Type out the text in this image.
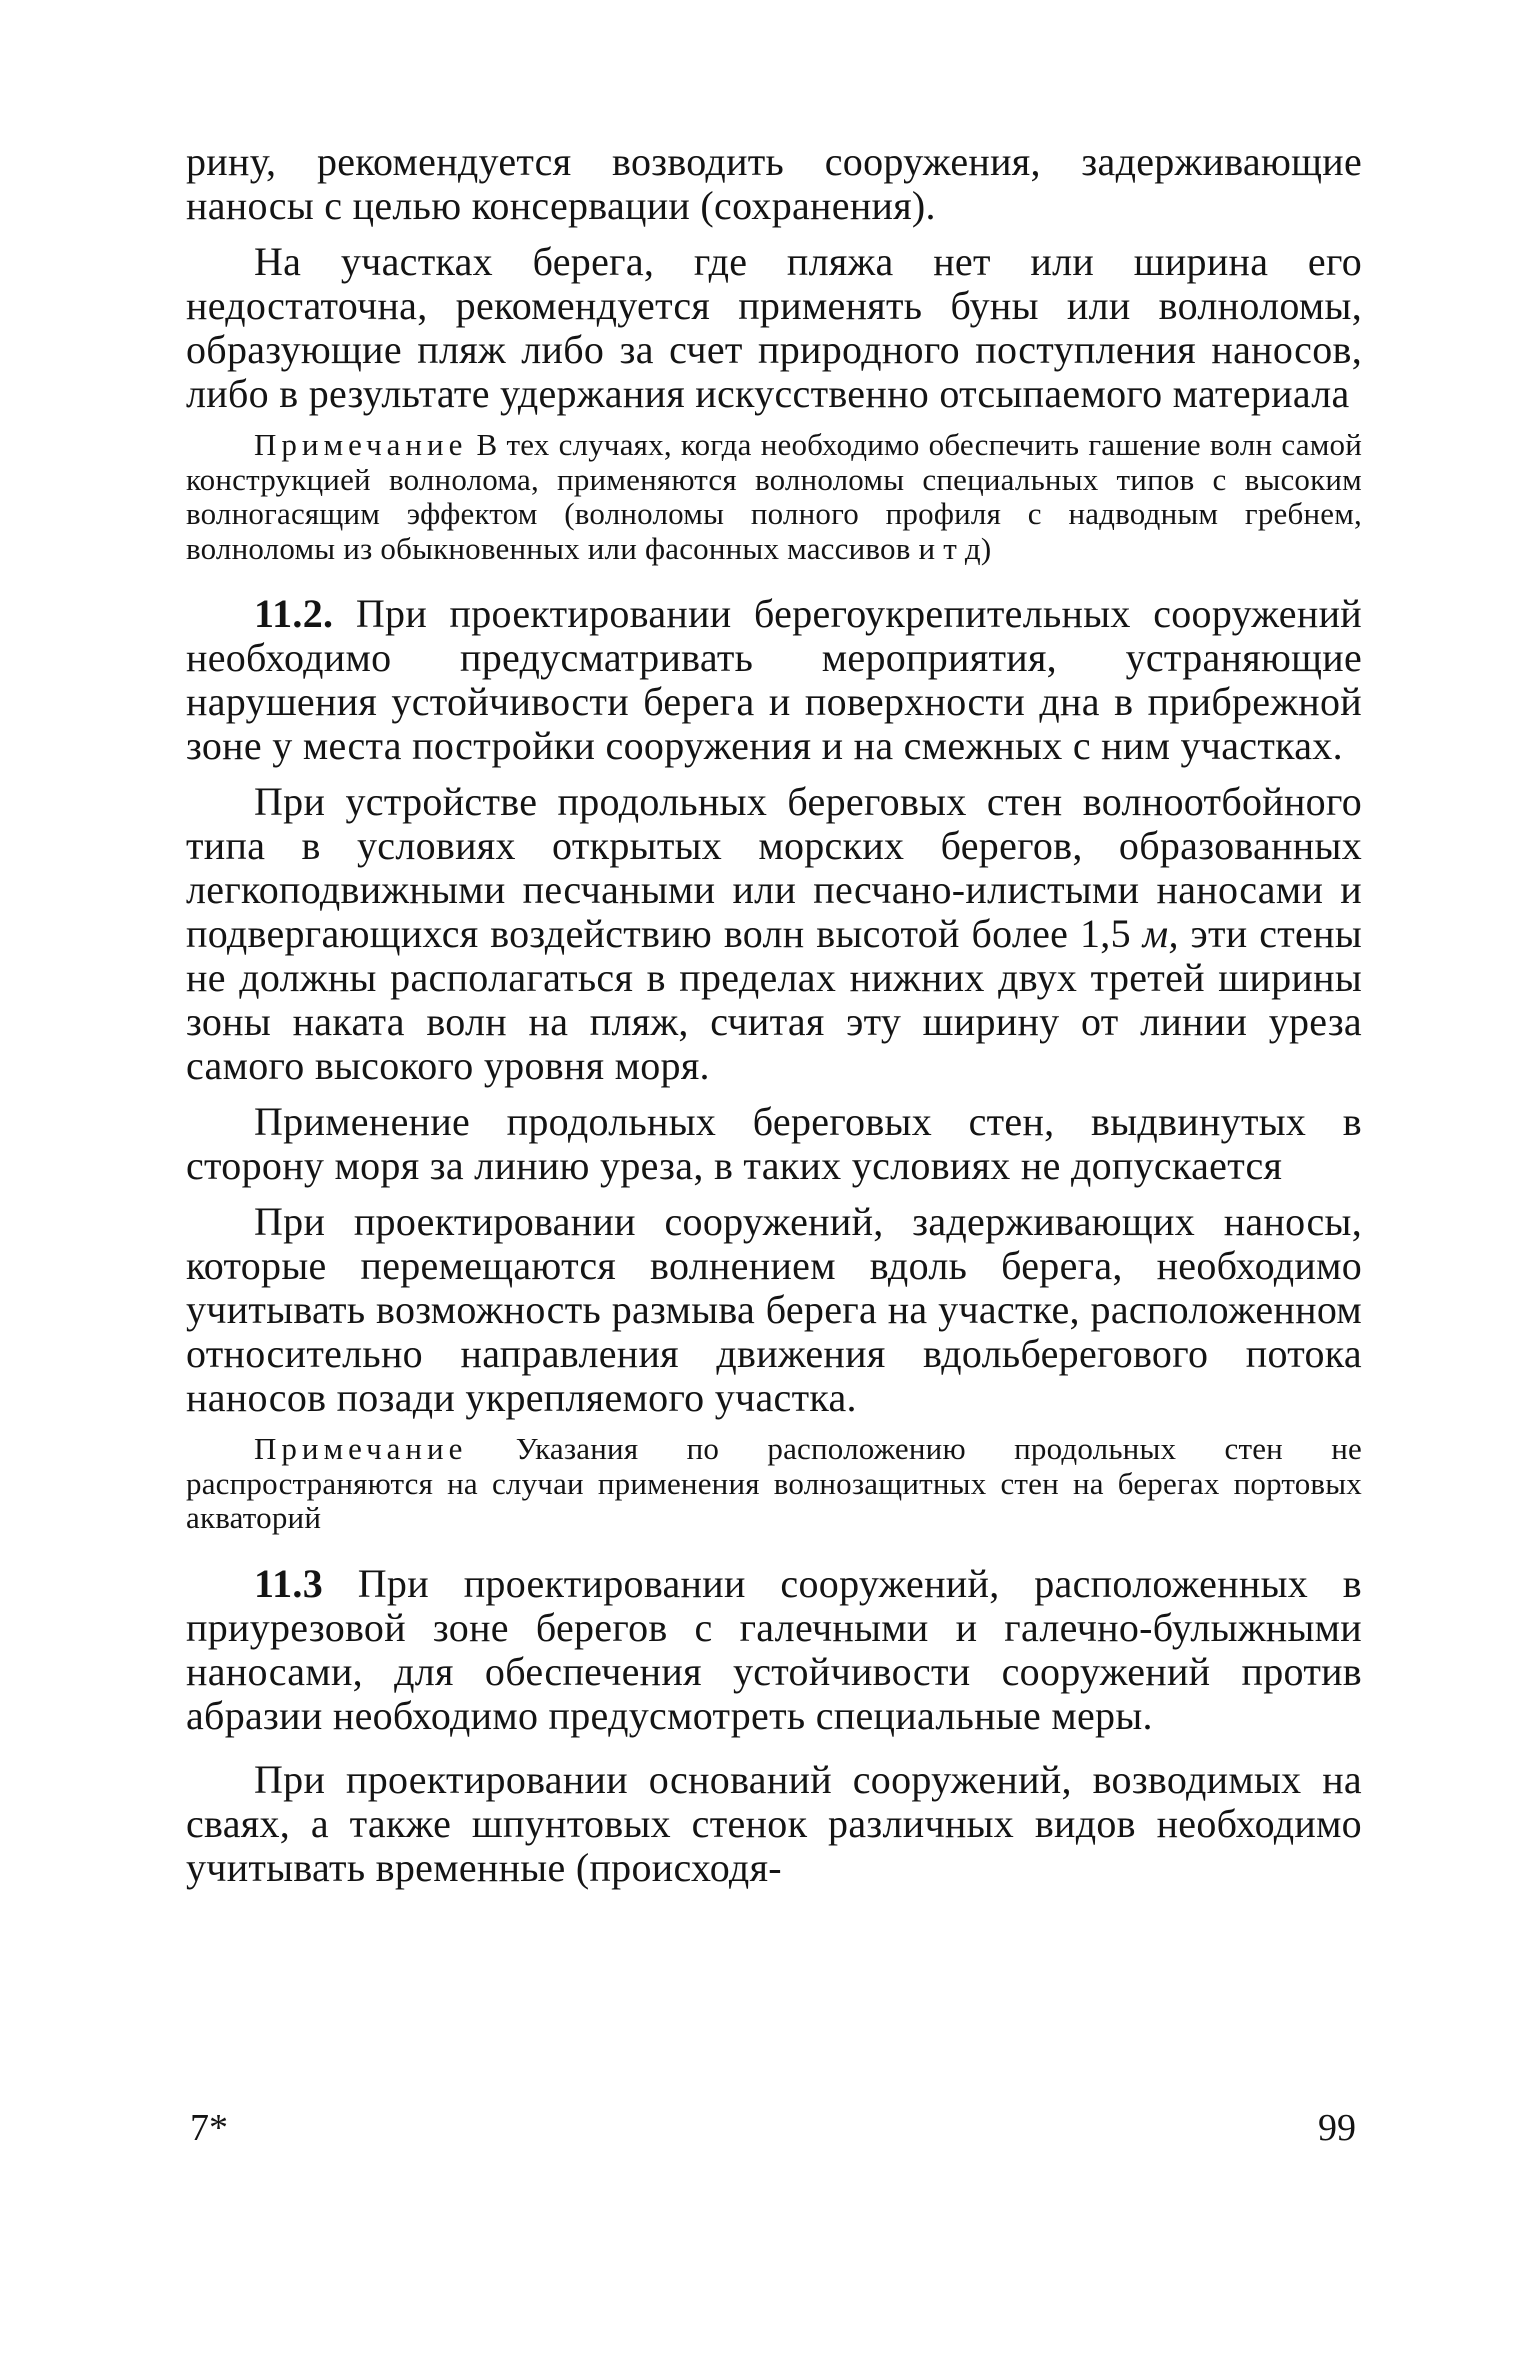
рину, рекомендуется возводить сооружения, задерживающие наносы с целью консервации (сохранения).

На участках берега, где пляжа нет или ширина его недостаточна, рекомендуется применять буны или волноломы, образующие пляж либо за счет природного поступления наносов, либо в результате удержания искусственно отсыпаемого материала

Примечание В тех случаях, когда необходимо обеспечить гашение волн самой конструкцией волнолома, применяются волноломы специальных типов с высоким волногасящим эффектом (волноломы полного профиля с надводным гребнем, волноломы из обыкновенных или фасонных массивов и т д)

11.2. При проектировании берегоукрепительных сооружений необходимо предусматривать мероприятия, устраняющие нарушения устойчивости берега и поверхности дна в прибрежной зоне у места постройки сооружения и на смежных с ним участках.

При устройстве продольных береговых стен волноотбойного типа в условиях открытых морских берегов, образованных легкоподвижными песчаными или песчано-илистыми наносами и подвергающихся воздействию волн высотой более 1,5 м, эти стены не должны располагаться в пределах нижних двух третей ширины зоны наката волн на пляж, считая эту ширину от линии уреза самого высокого уровня моря.

Применение продольных береговых стен, выдвинутых в сторону моря за линию уреза, в таких условиях не допускается

При проектировании сооружений, задерживающих наносы, которые перемещаются волнением вдоль берега, необходимо учитывать возможность размыва берега на участке, расположенном относительно направления движения вдольберегового потока наносов позади укрепляемого участка.

Примечание Указания по расположению продольных стен не распространяются на случаи применения волнозащитных стен на берегах портовых акваторий

11.3 При проектировании сооружений, расположенных в приурезовой зоне берегов с галечными и галечно-булыжными наносами, для обеспечения устойчивости сооружений против абразии необходимо предусмотреть специальные меры.

При проектировании оснований сооружений, возводимых на сваях, а также шпунтовых стенок различных видов необходимо учитывать временные (происходя-

7*	99
